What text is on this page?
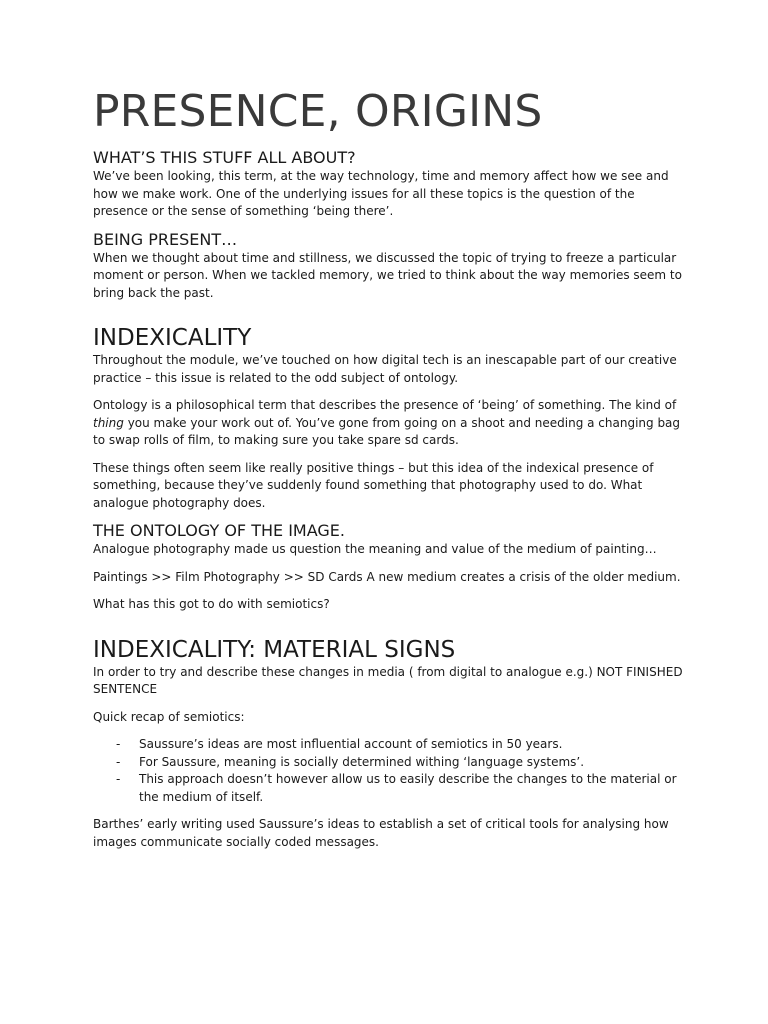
PRESENCE, ORIGINS
WHAT’S THIS STUFF ALL ABOUT?

We’ve been looking, this term, at the way technology, time and memory affect how we see and how we make work. One of the underlying issues for all these topics is the question of the presence or the sense of something ‘being there’.

BEING PRESENT…

When we thought about time and stillness, we discussed the topic of trying to freeze a particular moment or person. When we tackled memory, we tried to think about the way memories seem to bring back the past.

INDEXICALITY

Throughout the module, we’ve touched on how digital tech is an inescapable part of our creative practice – this issue is related to the odd subject of ontology.

Ontology is a philosophical term that describes the presence of ‘being’ of something. The kind of thing you make your work out of. You’ve gone from going on a shoot and needing a changing bag to swap rolls of film, to making sure you take spare sd cards.

These things often seem like really positive things – but this idea of the indexical presence of something, because they’ve suddenly found something that photography used to do. What analogue photography does.

THE ONTOLOGY OF THE IMAGE.

Analogue photography made us question the meaning and value of the medium of painting…

Paintings >> Film Photography >> SD Cards A new medium creates a crisis of the older medium.

What has this got to do with semiotics?

INDEXICALITY: MATERIAL SIGNS

In order to try and describe these changes in media ( from digital to analogue e.g.) NOT FINISHED SENTENCE

Quick recap of semiotics:

- Saussure’s ideas are most influential account of semiotics in 50 years.
- For Saussure, meaning is socially determined withing ‘language systems’.
- This approach doesn’t however allow us to easily describe the changes to the material or the medium of itself.

Barthes’ early writing used Saussure’s ideas to establish a set of critical tools for analysing how images communicate socially coded messages.
